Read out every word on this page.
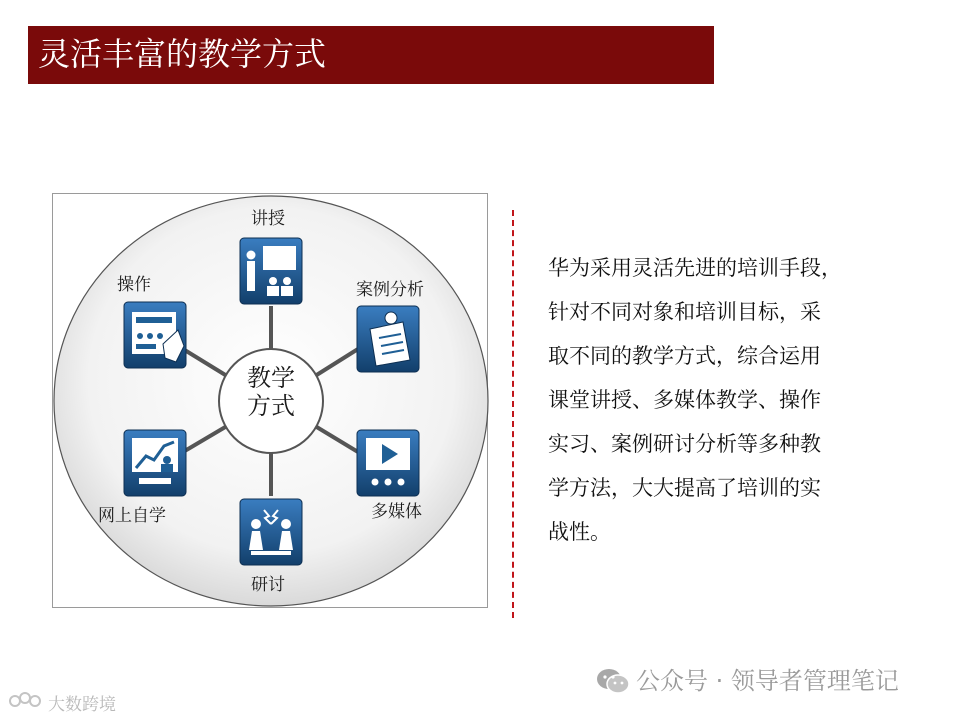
灵活丰富的教学方式
教学
方式
讲授
案例分析
多媒体
研讨
网上自学
操作
华为采用灵活先进的培训手段，
针对不同对象和培训目标，采
取不同的教学方式，综合运用
课堂讲授、多媒体教学、操作
实习、案例研讨分析等多种教
学方法，大大提高了培训的实
战性。
公众号 · 领导者管理笔记
大数跨境
